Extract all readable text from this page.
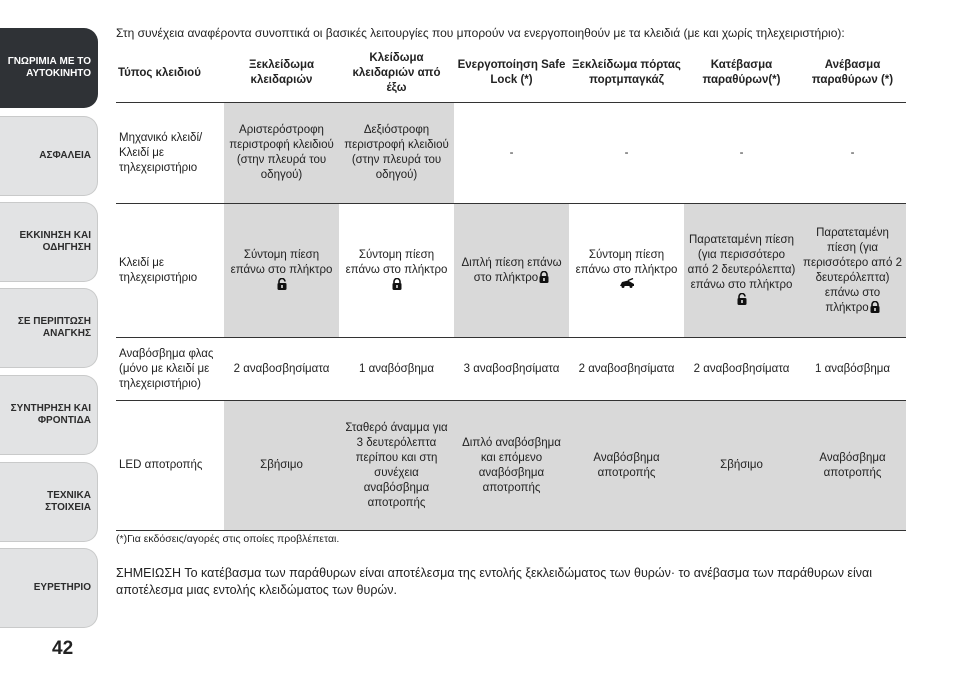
ΓΝΩΡΙΜΙΑ ΜΕ ΤΟ ΑΥΤΟΚΙΝΗΤΟ
ΑΣΦΑΛΕΙΑ
ΕΚΚΙΝΗΣΗ ΚΑΙ ΟΔΗΓΗΣΗ
ΣΕ ΠΕΡΙΠΤΩΣΗ ΑΝΑΓΚΗΣ
ΣΥΝΤΗΡΗΣΗ ΚΑΙ ΦΡΟΝΤΙΔΑ
ΤΕΧΝΙΚΑ ΣΤΟΙΧΕΙΑ
ΕΥΡΕΤΗΡΙΟ
42
Στη συνέχεια αναφέροντα συνοπτικά οι βασικές λειτουργίες που μπορούν να ενεργοποιηθούν με τα κλειδιά (με και χωρίς τηλεχειριστήριο):
Τύπος κλειδιού	Ξεκλείδωμα κλειδαριών	Κλείδωμα κλειδαριών από έξω	Ενεργοποίηση Safe Lock (*)	Ξεκλείδωμα πόρτας πορτμπαγκάζ	Κατέβασμα παραθύρων(*)	Ανέβασμα παραθύρων (*)
Μηχανικό κλειδί/ Κλειδί με τηλεχειριστήριο	Αριστερόστροφη περιστροφή κλειδιού (στην πλευρά του οδηγού)	Δεξιόστροφη περιστροφή κλειδιού (στην πλευρά του οδηγού)	-	-	-	-
Κλειδί με τηλεχειριστήριο	Σύντομη πίεση επάνω στο πλήκτρο	Σύντομη πίεση επάνω στο πλήκτρο	Διπλή πίεση επάνω στο πλήκτρο	Σύντομη πίεση επάνω στο πλήκτρο	Παρατεταμένη πίεση (για περισσότερο από 2 δευτερόλεπτα) επάνω στο πλήκτρο	Παρατεταμένη πίεση (για περισσότερο από 2 δευτερόλεπτα) επάνω στο πλήκτρο
Αναβόσβημα φλας (μόνο με κλειδί με τηλεχειριστήριο)	2 αναβοσβησίματα	1 αναβόσβημα	3 αναβοσβησίματα	2 αναβοσβησίματα	2 αναβοσβησίματα	1 αναβόσβημα
LED αποτροπής	Σβήσιμο	Σταθερό άναμμα για 3 δευτερόλεπτα περίπου και στη συνέχεια αναβόσβημα αποτροπής	Διπλό αναβόσβημα και επόμενο αναβόσβημα αποτροπής	Αναβόσβημα αποτροπής	Σβήσιμο	Αναβόσβημα αποτροπής
(*)Για εκδόσεις/αγορές στις οποίες προβλέπεται.
ΣΗΜΕΙΩΣΗ Το κατέβασμα των παράθυρων είναι αποτέλεσμα της εντολής ξεκλειδώματος των θυρών· το ανέβασμα των παράθυρων είναι αποτέλεσμα μιας εντολής κλειδώματος των θυρών.
